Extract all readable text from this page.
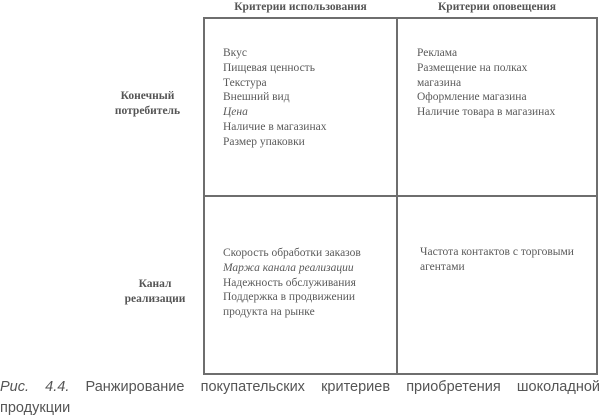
Критерии использования	Критерии оповещения
Конечный
потребитель
Канал
реализации
Вкус
Пищевая ценность
Текстура
Внешний вид
Цена
Наличие в магазинах
Размер упаковки
Реклама
Размещение на полках
магазина
Оформление магазина
Наличие товара в магазинах
Скорость обработки заказов
Маржа канала реализации
Надежность обслуживания
Поддержка в продвижении
продукта на рынке
Частота контактов с торговыми
агентами
Рис. 4.4. Ранжирование покупательских критериев приобретения шоколадной продукции
